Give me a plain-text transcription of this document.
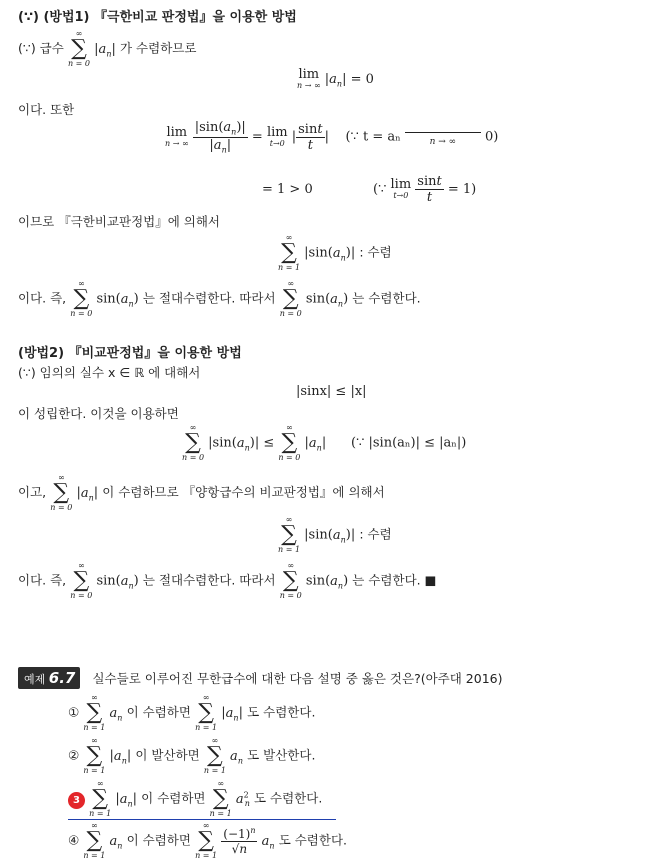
(∵) (방법1) 『극한비교 판정법』을 이용한 방법
(∵) 급수
∞
∑
n = 0
$|a_n|$ 가 수렴하므로
lim
n → ∞ $|a_n| = 0$
이다. 또한
lim
n → ∞
$\frac{|\sin(a_n)|}{|a_n|} = \lim$
t→0 | $\frac{\sin t}{t}$ |    (∵ t = aₙ	n → ∞ 0)
= 1 > 0	(∵ lim
t→0
$\frac{\sin t}{t} = 1$)
이므로 『극한비교판정법』에 의해서
∞
∑
n = 1
$|\sin(a_n)|$ : 수렴
이다. 즉,
∞
∑
n = 0
$\sin(a_n)$ 는 절대수렴한다. 따라서
∞
∑
n = 0
$\sin(a_n)$ 는 수렴한다.
(방법2) 『비교판정법』을 이용한 방법
(∵) 임의의 실수 x ∈ ℝ 에 대해서
|sinx| ≤ |x|
이 성립한다. 이것을 이용하면
∞
∑
n = 0
$|\sin(a_n)|$ ≤
∞
∑
n = 0
$|a_n|$      (∵ |sin(aₙ)| ≤ |aₙ|)
이고,
∞
∑
n = 0
$|a_n|$ 이 수렴하므로 『양항급수의 비교판정법』에 의해서
∞
∑
n = 1
$|\sin(a_n)|$ : 수렴
이다. 즉,
∞
∑
n = 0
$\sin(a_n)$ 는 절대수렴한다. 따라서
∞
∑
n = 0
$\sin(a_n)$ 는 수렴한다. ■
예제 6.7 실수들로 이루어진 무한급수에 대한 다음 설명 중 옳은 것은?(아주대 2016)
①
∞
∑
n = 1
$a_n$ 이 수렴하면
∞
∑
n = 1
$|a_n|$ 도 수렴한다.
②
∞
∑
n = 1
$|a_n|$ 이 발산하면
∞
∑
n = 1
$a_n$ 도 발산한다.
3
∞
∑
n = 1
$|a_n|$ 이 수렴하면
∞
∑
n = 1
$a^2_n$ 도 수렴한다.
④
∞
∑
n = 1
$a_n$ 이 수렴하면
∞
∑
n = 1
$\frac{(-1)^n}{√n} a_n$ 도 수렴한다.
